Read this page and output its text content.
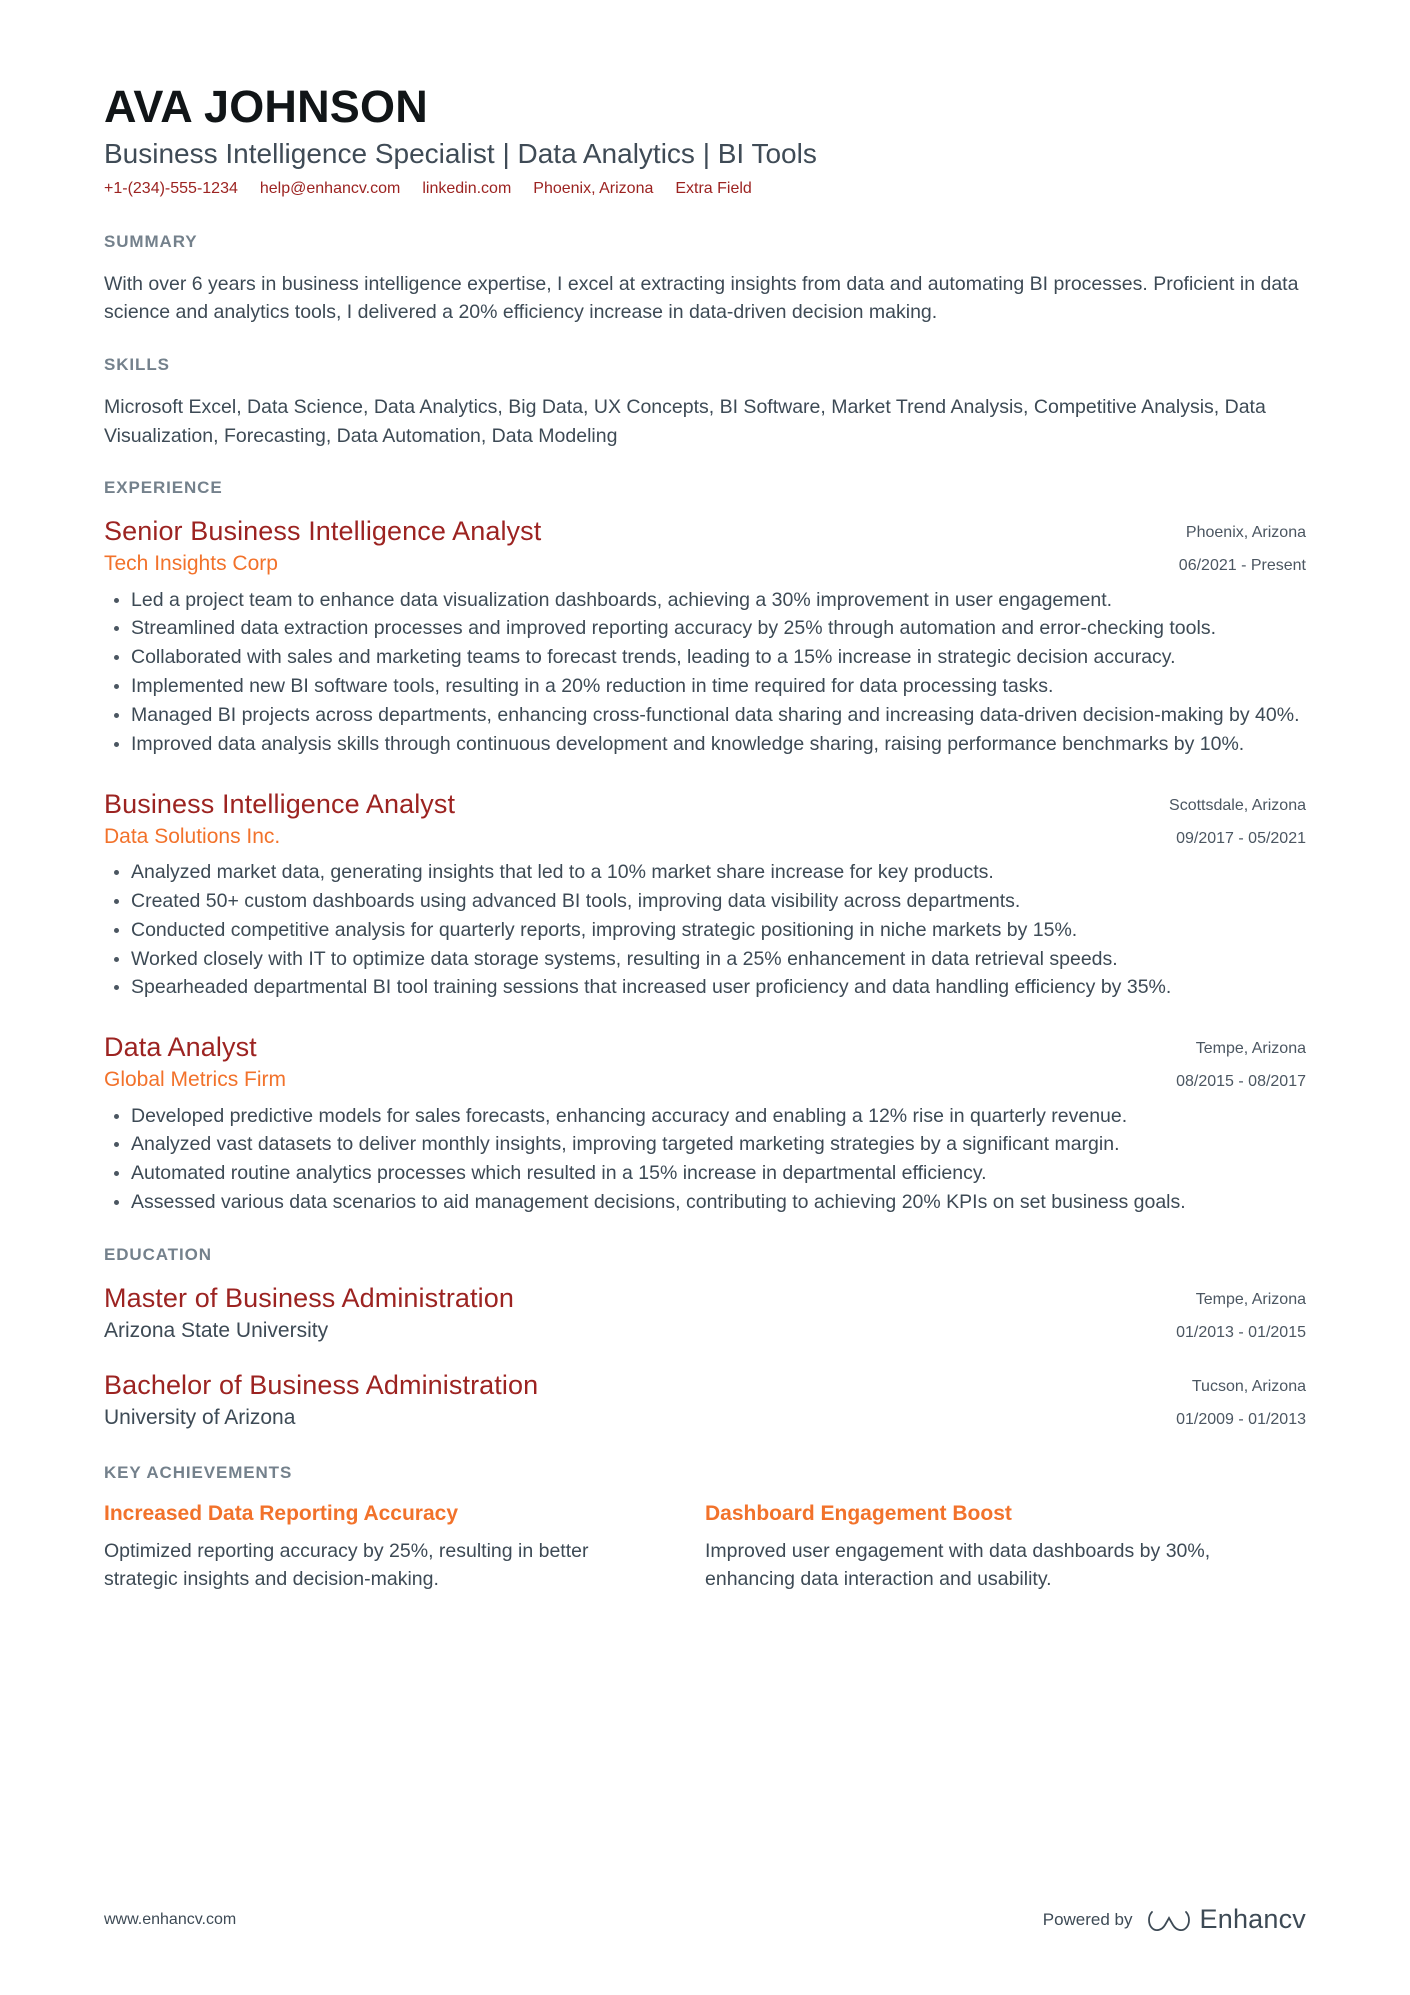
AVA JOHNSON
Business Intelligence Specialist | Data Analytics | BI Tools
+1-(234)-555-1234 help@enhancv.com linkedin.com Phoenix, Arizona Extra Field
SUMMARY
With over 6 years in business intelligence expertise, I excel at extracting insights from data and automating BI processes. Proficient in data science and analytics tools, I delivered a 20% efficiency increase in data-driven decision making.
SKILLS
Microsoft Excel, Data Science, Data Analytics, Big Data, UX Concepts, BI Software, Market Trend Analysis, Competitive Analysis, Data Visualization, Forecasting, Data Automation, Data Modeling
EXPERIENCE
Senior Business Intelligence Analyst
Tech Insights Corp
Phoenix, Arizona
06/2021 - Present
Led a project team to enhance data visualization dashboards, achieving a 30% improvement in user engagement.
Streamlined data extraction processes and improved reporting accuracy by 25% through automation and error-checking tools.
Collaborated with sales and marketing teams to forecast trends, leading to a 15% increase in strategic decision accuracy.
Implemented new BI software tools, resulting in a 20% reduction in time required for data processing tasks.
Managed BI projects across departments, enhancing cross-functional data sharing and increasing data-driven decision-making by 40%.
Improved data analysis skills through continuous development and knowledge sharing, raising performance benchmarks by 10%.
Business Intelligence Analyst
Data Solutions Inc.
Scottsdale, Arizona
09/2017 - 05/2021
Analyzed market data, generating insights that led to a 10% market share increase for key products.
Created 50+ custom dashboards using advanced BI tools, improving data visibility across departments.
Conducted competitive analysis for quarterly reports, improving strategic positioning in niche markets by 15%.
Worked closely with IT to optimize data storage systems, resulting in a 25% enhancement in data retrieval speeds.
Spearheaded departmental BI tool training sessions that increased user proficiency and data handling efficiency by 35%.
Data Analyst
Global Metrics Firm
Tempe, Arizona
08/2015 - 08/2017
Developed predictive models for sales forecasts, enhancing accuracy and enabling a 12% rise in quarterly revenue.
Analyzed vast datasets to deliver monthly insights, improving targeted marketing strategies by a significant margin.
Automated routine analytics processes which resulted in a 15% increase in departmental efficiency.
Assessed various data scenarios to aid management decisions, contributing to achieving 20% KPIs on set business goals.
EDUCATION
Master of Business Administration
Arizona State University
Tempe, Arizona
01/2013 - 01/2015
Bachelor of Business Administration
University of Arizona
Tucson, Arizona
01/2009 - 01/2013
KEY ACHIEVEMENTS
Increased Data Reporting Accuracy
Optimized reporting accuracy by 25%, resulting in better strategic insights and decision-making.
Dashboard Engagement Boost
Improved user engagement with data dashboards by 30%, enhancing data interaction and usability.
www.enhancv.com	Powered by Enhancv
